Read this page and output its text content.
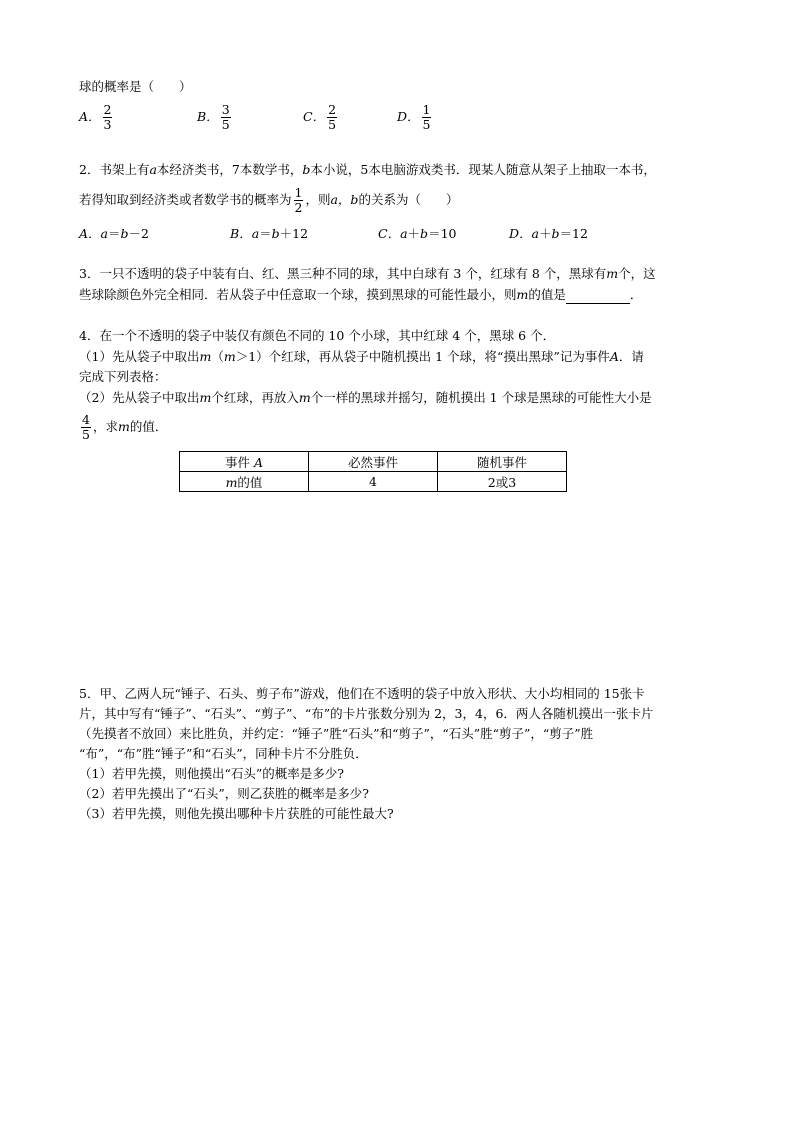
球的概率是（　　）
A． $\frac{2}{3}$	B． $\frac{3}{5}$	C． $\frac{2}{5}$	D． $\frac{1}{5}$
2．书架上有a本经济类书，7本数学书，b本小说，5本电脑游戏类书．现某人随意从架子上抽取一本书，
若得知取到经济类或者数学书的概率为 $\frac{1}{2}$ ，则a，b的关系为（　　）
A．a＝b－2	B．a＝b＋12	C．a＋b＝10	D．a＋b＝12
3．一只不透明的袋子中装有白、红、黑三种不同的球，其中白球有 3 个，红球有 8 个，黑球有m个，这
些球除颜色外完全相同．若从袋子中任意取一个球，摸到黑球的可能性最小，则m的值是	．
4．在一个不透明的袋子中装仅有颜色不同的 10 个小球，其中红球 4 个，黑球 6 个．
（1）先从袋子中取出m（m＞1）个红球，再从袋子中随机摸出 1 个球，将“摸出黑球”记为事件A．请
完成下列表格：
（2）先从袋子中取出m个红球，再放入m个一样的黑球并摇匀，随机摸出 1 个球是黑球的可能性大小是
$\frac{4}{5}$ ，求m的值．
事件 A	必然事件	随机事件
m的值	4	2或3
5．甲、乙两人玩“锤子、石头、剪子布”游戏，他们在不透明的袋子中放入形状、大小均相同的 15张卡
片，其中写有“锤子”、“石头”、“剪子”、“布”的卡片张数分别为 2，3，4，6．两人各随机摸出一张卡片
（先摸者不放回）来比胜负，并约定：“锤子”胜“石头”和“剪子”，“石头”胜“剪子”，“剪子”胜
“布”，“布”胜“锤子”和“石头”，同种卡片不分胜负．
（1）若甲先摸，则他摸出“石头”的概率是多少?
（2）若甲先摸出了“石头”，则乙获胜的概率是多少?
（3）若甲先摸，则他先摸出哪种卡片获胜的可能性最大?
